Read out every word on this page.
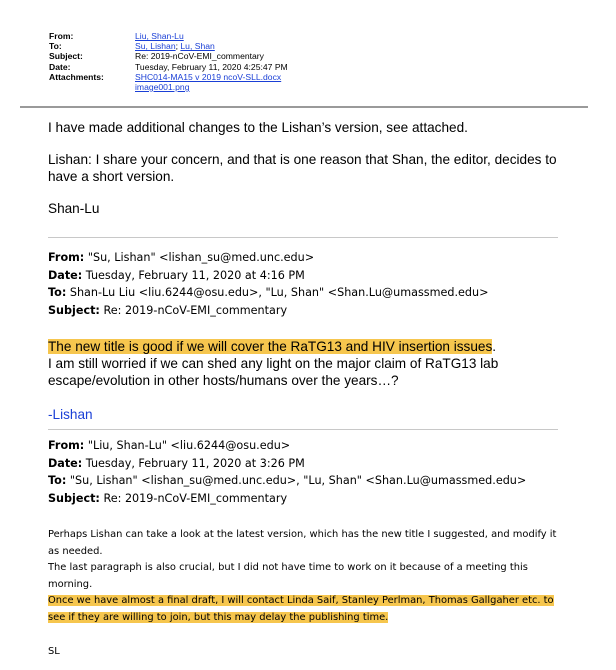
From:	Liu, Shan-Lu
To:	Su, Lishan; Lu, Shan
Subject:	Re: 2019-nCoV-EMI_commentary
Date:	Tuesday, February 11, 2020 4:25:47 PM
Attachments:	SHC014-MA15 v 2019 ncoV-SLL.docx
image001.png
I have made additional changes to the Lishan’s version, see attached.
Lishan: I share your concern, and that is one reason that Shan, the editor, decides to have a short version.
Shan-Lu
From: "Su, Lishan" <lishan_su@med.unc.edu>
Date: Tuesday, February 11, 2020 at 4:16 PM
To: Shan-Lu Liu <liu.6244@osu.edu>, "Lu, Shan" <Shan.Lu@umassmed.edu>
Subject: Re: 2019-nCoV-EMI_commentary
The new title is good if we will cover the RaTG13 and HIV insertion issues.
I am still worried if we can shed any light on the major claim of RaTG13 lab escape/evolution in other hosts/humans over the years…?
-Lishan
From: "Liu, Shan-Lu" <liu.6244@osu.edu>
Date: Tuesday, February 11, 2020 at 3:26 PM
To: "Su, Lishan" <lishan_su@med.unc.edu>, "Lu, Shan" <Shan.Lu@umassmed.edu>
Subject: Re: 2019-nCoV-EMI_commentary
Perhaps Lishan can take a look at the latest version, which has the new title I suggested, and modify it as needed.
The last paragraph is also crucial, but I did not have time to work on it because of a meeting this morning.
Once we have almost a final draft, I will contact Linda Saif, Stanley Perlman, Thomas Gallgaher etc. to see if they are willing to join, but this may delay the publishing time.
SL
